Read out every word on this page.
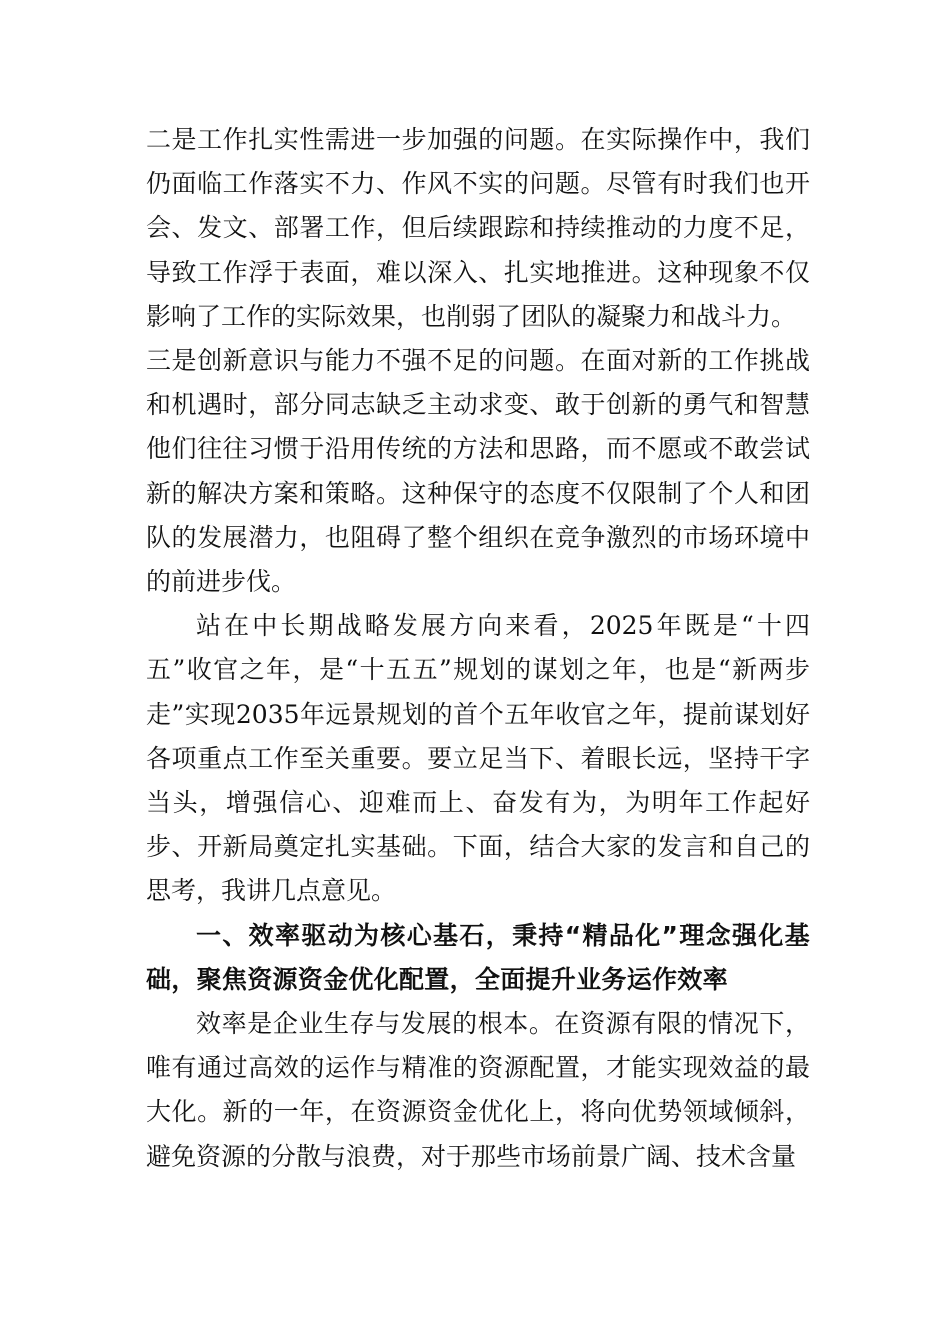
二是工作扎实性需进一步加强的问题。在实际操作中，我们仍面临工作落实不力、作风不实的问题。尽管有时我们也开会、发文、部署工作，但后续跟踪和持续推动的力度不足，导致工作浮于表面，难以深入、扎实地推进。这种现象不仅影响了工作的实际效果，也削弱了团队的凝聚力和战斗力。

三是创新意识与能力不强不足的问题。在面对新的工作挑战和机遇时，部分同志缺乏主动求变、敢于创新的勇气和智慧他们往往习惯于沿用传统的方法和思路，而不愿或不敢尝试新的解决方案和策略。这种保守的态度不仅限制了个人和团队的发展潜力，也阻碍了整个组织在竞争激烈的市场环境中的前进步伐。

站在中长期战略发展方向来看，2025年既是“十四五”收官之年，是“十五五”规划的谋划之年，也是“新两步走”实现2035年远景规划的首个五年收官之年，提前谋划好各项重点工作至关重要。要立足当下、着眼长远，坚持干字当头，增强信心、迎难而上、奋发有为，为明年工作起好步、开新局奠定扎实基础。下面，结合大家的发言和自己的思考，我讲几点意见。

一、效率驱动为核心基石，秉持“精品化”理念强化基础，聚焦资源资金优化配置，全面提升业务运作效率

效率是企业生存与发展的根本。在资源有限的情况下，唯有通过高效的运作与精准的资源配置，才能实现效益的最大化。新的一年，在资源资金优化上，将向优势领域倾斜，避免资源的分散与浪费，对于那些市场前景广阔、技术含量
